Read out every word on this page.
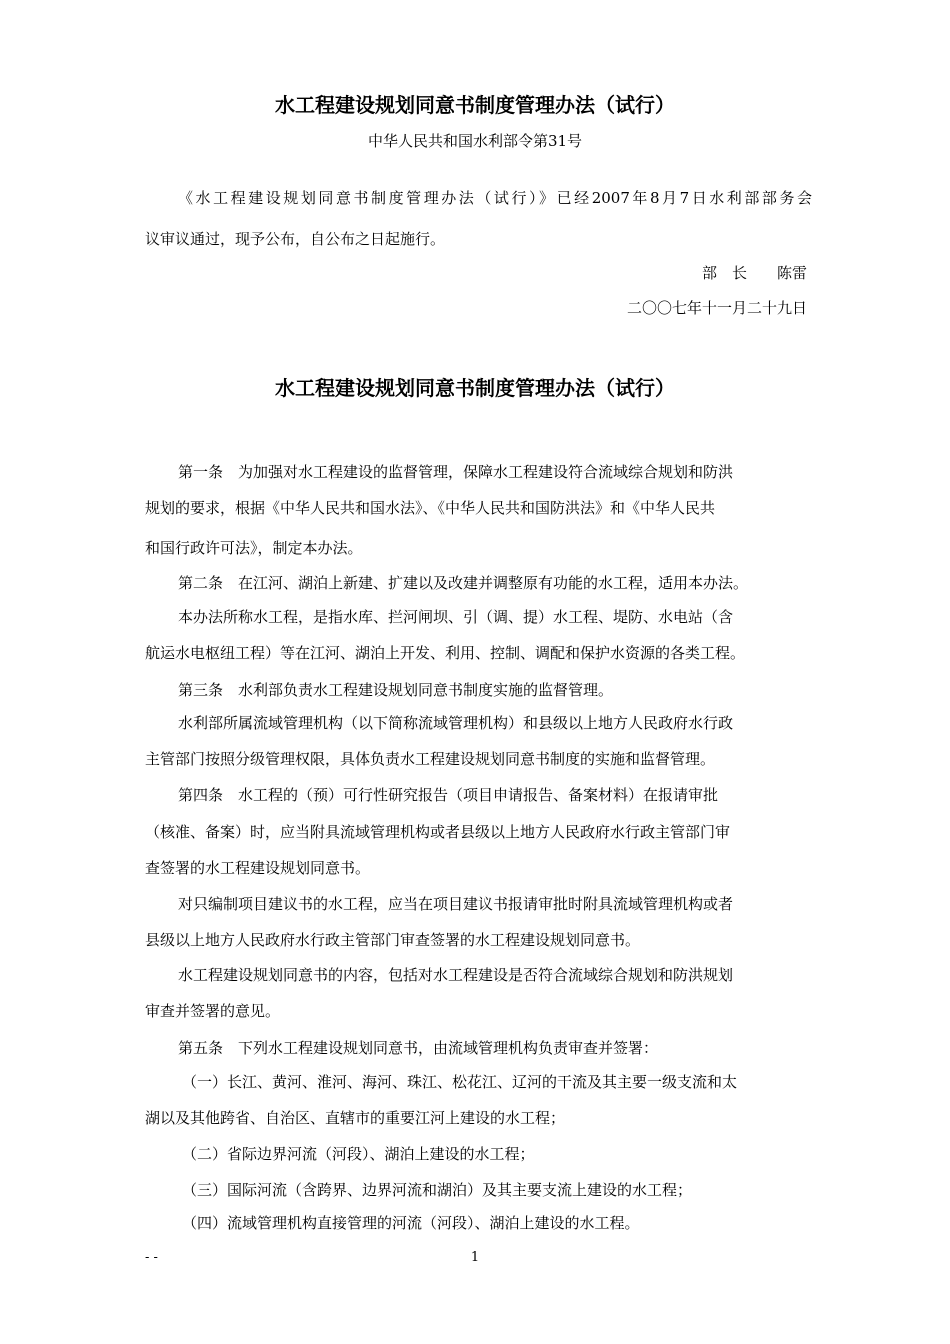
水工程建设规划同意书制度管理办法（试行）
中华人民共和国水利部令第31号
《水工程建设规划同意书制度管理办法（试行）》已经2007年8月7日水利部部务会
议审议通过，现予公布，自公布之日起施行。
部　长　　陈雷
二〇〇七年十一月二十九日
水工程建设规划同意书制度管理办法（试行）
第一条　为加强对水工程建设的监督管理，保障水工程建设符合流域综合规划和防洪
规划的要求，根据《中华人民共和国水法》、《中华人民共和国防洪法》和《中华人民共
和国行政许可法》，制定本办法。
第二条　在江河、湖泊上新建、扩建以及改建并调整原有功能的水工程，适用本办法。
本办法所称水工程，是指水库、拦河闸坝、引（调、提）水工程、堤防、水电站（含
航运水电枢纽工程）等在江河、湖泊上开发、利用、控制、调配和保护水资源的各类工程。
第三条　水利部负责水工程建设规划同意书制度实施的监督管理。
水利部所属流域管理机构（以下简称流域管理机构）和县级以上地方人民政府水行政
主管部门按照分级管理权限，具体负责水工程建设规划同意书制度的实施和监督管理。
第四条　水工程的（预）可行性研究报告（项目申请报告、备案材料）在报请审批
（核准、备案）时，应当附具流域管理机构或者县级以上地方人民政府水行政主管部门审
查签署的水工程建设规划同意书。
对只编制项目建议书的水工程，应当在项目建议书报请审批时附具流域管理机构或者
县级以上地方人民政府水行政主管部门审查签署的水工程建设规划同意书。
水工程建设规划同意书的内容，包括对水工程建设是否符合流域综合规划和防洪规划
审查并签署的意见。
第五条　下列水工程建设规划同意书，由流域管理机构负责审查并签署：
（一）长江、黄河、淮河、海河、珠江、松花江、辽河的干流及其主要一级支流和太
湖以及其他跨省、自治区、直辖市的重要江河上建设的水工程；
（二）省际边界河流（河段）、湖泊上建设的水工程；
（三）国际河流（含跨界、边界河流和湖泊）及其主要支流上建设的水工程；
（四）流域管理机构直接管理的河流（河段）、湖泊上建设的水工程。
- -	1
